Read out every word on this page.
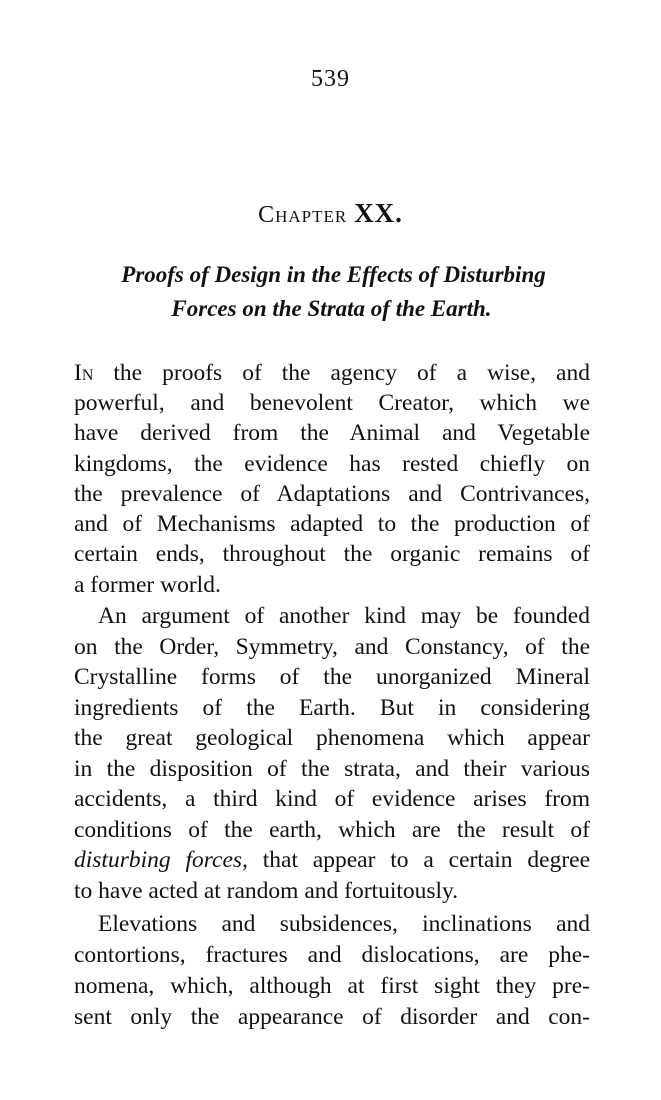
539
Chapter XX.
Proofs of Design in the Effects of Disturbing
Forces on the Strata of the Earth.
In the proofs of the agency of a wise, and
powerful, and benevolent Creator, which we
have derived from the Animal and Vegetable
kingdoms, the evidence has rested chiefly on
the prevalence of Adaptations and Contrivances,
and of Mechanisms adapted to the production of
certain ends, throughout the organic remains of
a former world.
An argument of another kind may be founded
on the Order, Symmetry, and Constancy, of the
Crystalline forms of the unorganized Mineral
ingredients of the Earth. But in considering
the great geological phenomena which appear
in the disposition of the strata, and their various
accidents, a third kind of evidence arises from
conditions of the earth, which are the result of
disturbing forces, that appear to a certain degree
to have acted at random and fortuitously.
Elevations and subsidences, inclinations and
contortions, fractures and dislocations, are phe-
nomena, which, although at first sight they pre-
sent only the appearance of disorder and con-
